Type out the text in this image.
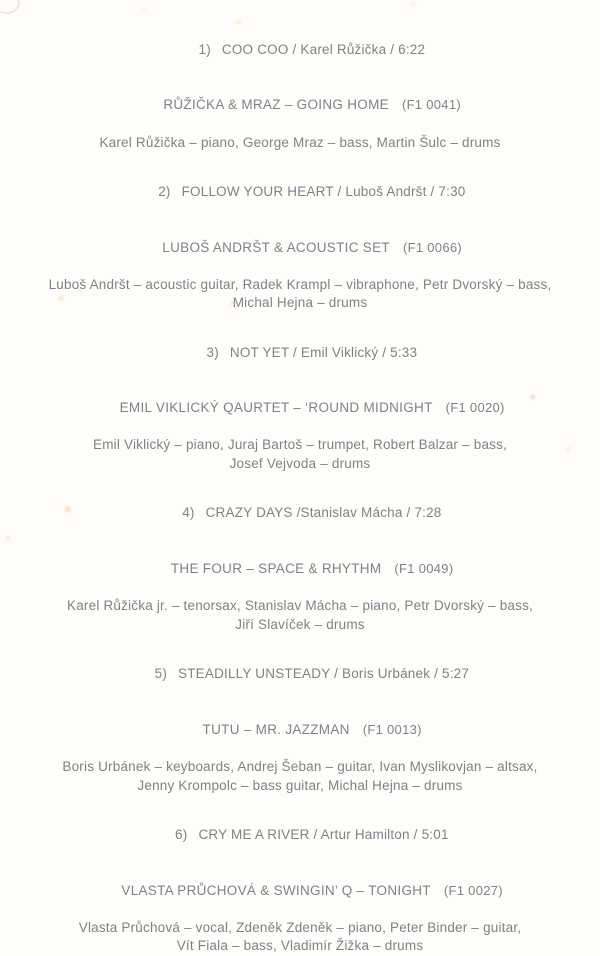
1) COO COO / Karel Růžička / 6:22

RŮŽIČKA & MRAZ – GOING HOME (F1 0041)

Karel Růžička – piano, George Mraz – bass, Martin Šulc – drums

2) FOLLOW YOUR HEART / Luboš Andršt / 7:30

LUBOŠ ANDRŠT & ACOUSTIC SET (F1 0066)

Luboš Andršt – acoustic guitar, Radek Krampl – vibraphone, Petr Dvorský – bass,
Michal Hejna – drums

3) NOT YET / Emil Viklický / 5:33

EMIL VIKLICKÝ QAURTET – ‘ROUND MIDNIGHT (F1 0020)

Emil Viklický – piano, Juraj Bartoš – trumpet, Robert Balzar – bass,
Josef Vejvoda – drums

4) CRAZY DAYS /Stanislav Mácha / 7:28

THE FOUR – SPACE & RHYTHM (F1 0049)

Karel Růžička jr. – tenorsax, Stanislav Mácha – piano, Petr Dvorský – bass,
Jiří Slavíček – drums

5) STEADILLY UNSTEADY / Boris Urbánek / 5:27

TUTU – MR. JAZZMAN (F1 0013)

Boris Urbánek – keyboards, Andrej Šeban – guitar, Ivan Myslikovjan – altsax,
Jenny Krompolc – bass guitar, Michal Hejna – drums

6) CRY ME A RIVER / Artur Hamilton / 5:01

VLASTA PRŮCHOVÁ & SWINGIN’ Q – TONIGHT (F1 0027)

Vlasta Průchová – vocal, Zdeněk Zdeněk – piano, Peter Binder – guitar,
Vít Fiala – bass, Vladimír Žižka – drums
